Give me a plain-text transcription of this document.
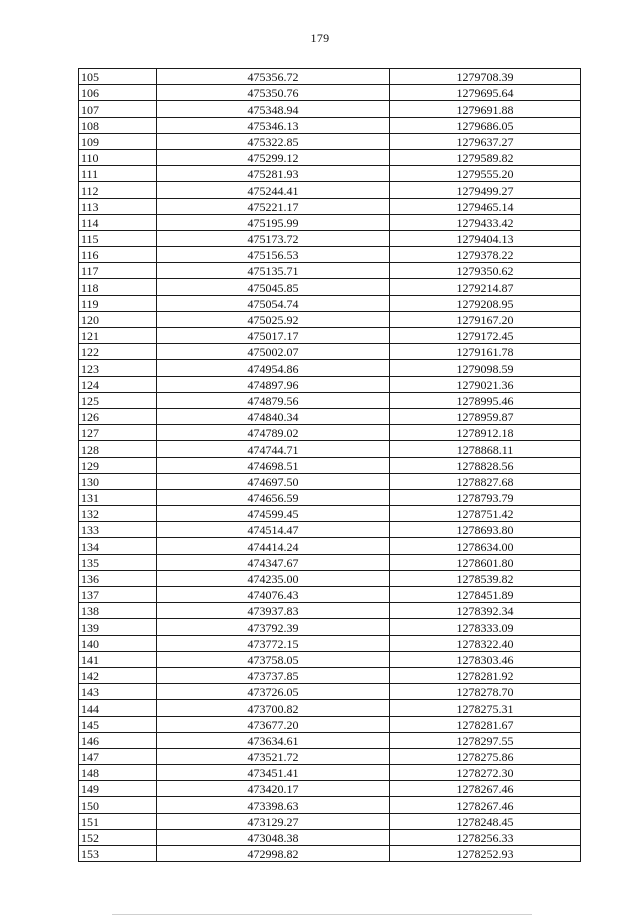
179
105	475356.72	1279708.39
106	475350.76	1279695.64
107	475348.94	1279691.88
108	475346.13	1279686.05
109	475322.85	1279637.27
110	475299.12	1279589.82
111	475281.93	1279555.20
112	475244.41	1279499.27
113	475221.17	1279465.14
114	475195.99	1279433.42
115	475173.72	1279404.13
116	475156.53	1279378.22
117	475135.71	1279350.62
118	475045.85	1279214.87
119	475054.74	1279208.95
120	475025.92	1279167.20
121	475017.17	1279172.45
122	475002.07	1279161.78
123	474954.86	1279098.59
124	474897.96	1279021.36
125	474879.56	1278995.46
126	474840.34	1278959.87
127	474789.02	1278912.18
128	474744.71	1278868.11
129	474698.51	1278828.56
130	474697.50	1278827.68
131	474656.59	1278793.79
132	474599.45	1278751.42
133	474514.47	1278693.80
134	474414.24	1278634.00
135	474347.67	1278601.80
136	474235.00	1278539.82
137	474076.43	1278451.89
138	473937.83	1278392.34
139	473792.39	1278333.09
140	473772.15	1278322.40
141	473758.05	1278303.46
142	473737.85	1278281.92
143	473726.05	1278278.70
144	473700.82	1278275.31
145	473677.20	1278281.67
146	473634.61	1278297.55
147	473521.72	1278275.86
148	473451.41	1278272.30
149	473420.17	1278267.46
150	473398.63	1278267.46
151	473129.27	1278248.45
152	473048.38	1278256.33
153	472998.82	1278252.93
